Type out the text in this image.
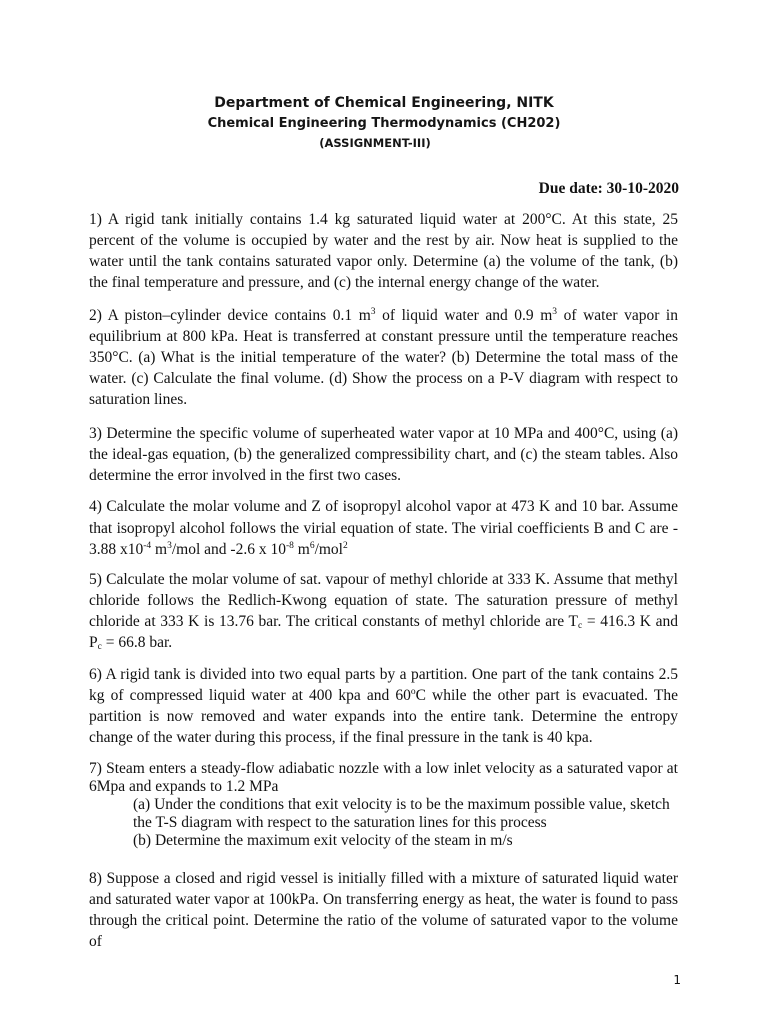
Department of Chemical Engineering, NITK
Chemical Engineering Thermodynamics (CH202)
(ASSIGNMENT-III)
Due date: 30-10-2020
1) A rigid tank initially contains 1.4 kg saturated liquid water at 200°C. At this state, 25 percent of the volume is occupied by water and the rest by air. Now heat is supplied to the water until the tank contains saturated vapor only. Determine (a) the volume of the tank, (b) the final temperature and pressure, and (c) the internal energy change of the water.
2) A piston–cylinder device contains 0.1 $m^3$ of liquid water and 0.9 $m^3$ of water vapor in equilibrium at 800 kPa. Heat is transferred at constant pressure until the temperature reaches 350°C. (a) What is the initial temperature of the water? (b) Determine the total mass of the water. (c) Calculate the final volume. (d) Show the process on a P-V diagram with respect to saturation lines.
3) Determine the specific volume of superheated water vapor at 10 MPa and 400°C, using (a) the ideal-gas equation, (b) the generalized compressibility chart, and (c) the steam tables. Also determine the error involved in the first two cases.
4) Calculate the molar volume and Z of isopropyl alcohol vapor at 473 K and 10 bar. Assume that isopropyl alcohol follows the virial equation of state. The virial coefficients B and C are - 3.88 $x10^{-4}$ $m^3$/mol and -2.6 x $10^{-8}$ $m^6/mol^2$
5) Calculate the molar volume of sat. vapour of methyl chloride at 333 K. Assume that methyl chloride follows the Redlich-Kwong equation of state. The saturation pressure of methyl chloride at 333 K is 13.76 bar. The critical constants of methyl chloride are $T_c = 416.3$ K and $P_c = 66.8$ bar.
6) A rigid tank is divided into two equal parts by a partition. One part of the tank contains 2.5 kg of compressed liquid water at 400 kpa and 60$^o$C while the other part is evacuated. The partition is now removed and water expands into the entire tank. Determine the entropy change of the water during this process, if the final pressure in the tank is 40 kpa.
7) Steam enters a steady-flow adiabatic nozzle with a low inlet velocity as a saturated vapor at 6Mpa and expands to 1.2 MPa
(a) Under the conditions that exit velocity is to be the maximum possible value, sketch the T-S diagram with respect to the saturation lines for this process
(b) Determine the maximum exit velocity of the steam in m/s
8) Suppose a closed and rigid vessel is initially filled with a mixture of saturated liquid water and saturated water vapor at 100kPa. On transferring energy as heat, the water is found to pass through the critical point. Determine the ratio of the volume of saturated vapor to the volume of
1
